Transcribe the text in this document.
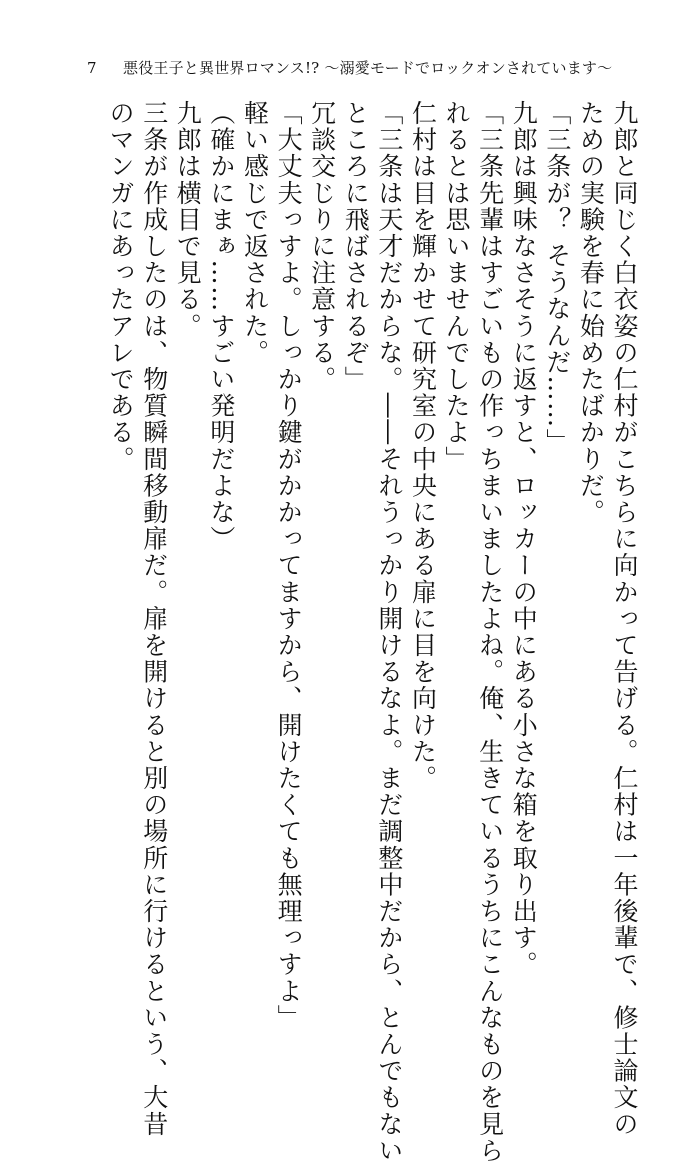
7 悪役王子と異世界ロマンス!? 〜溺愛モードでロックオンされています〜
九郎と同じく白衣姿の仁村がこちらに向かって告げる。仁村は一年後輩で、修士論文の
ための実験を春に始めたばかりだ。
「三条が？ そうなんだ……」
九郎は興味なさそうに返すと、ロッカーの中にある小さな箱を取り出す。
「三条先輩はすごいもの作っちまいましたよね。俺、生きているうちにこんなものを見ら
れるとは思いませんでしたよ」
仁村は目を輝かせて研究室の中央にある扉に目を向けた。
「三条は天才だからな。――それうっかり開けるなよ。まだ調整中だから、とんでもない
ところに飛ばされるぞ」
冗談交じりに注意する。
「大丈夫っすよ。しっかり鍵がかかってますから、開けたくても無理っすよ」
軽い感じで返された。
（確かにまぁ……すごい発明だよな）
九郎は横目で見る。
三条が作成したのは、物質瞬間移動扉だ。扉を開けると別の場所に行けるという、大昔
のマンガにあったアレである。
